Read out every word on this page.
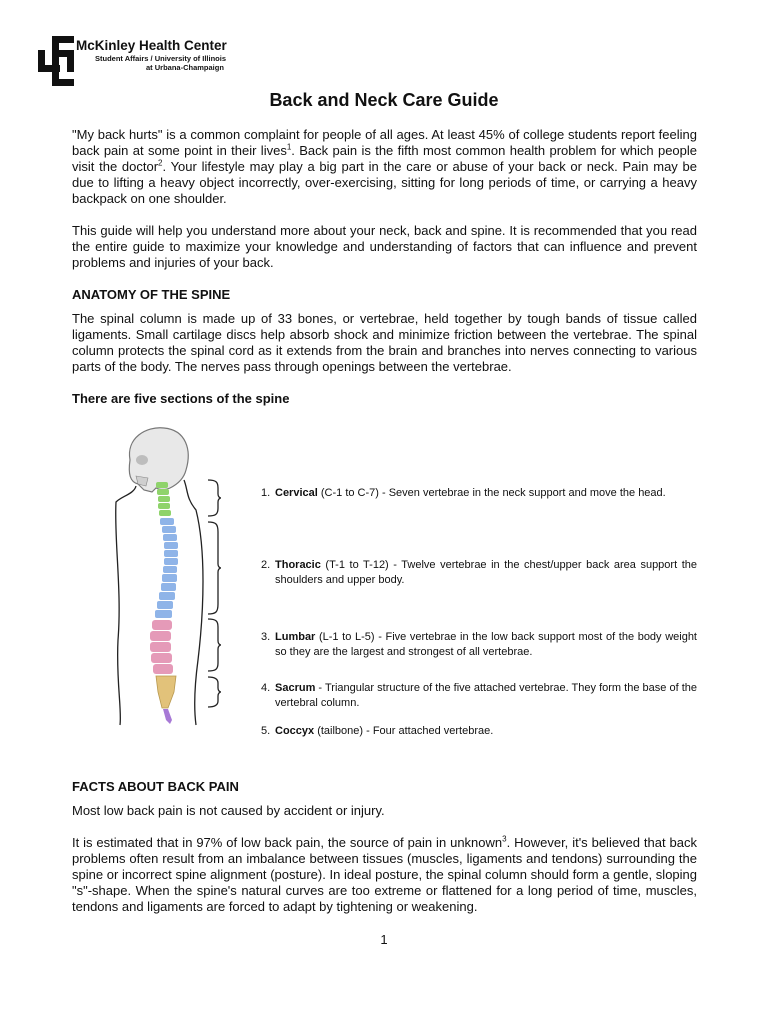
McKinley Health Center
Student Affairs / University of Illinois
at Urbana-Champaign
Back and Neck Care Guide

"My back hurts" is a common complaint for people of all ages. At least 45% of college students report feeling back pain at some point in their lives$^1$. Back pain is the fifth most common health problem for which people visit the doctor$^2$. Your lifestyle may play a big part in the care or abuse of your back or neck. Pain may be due to lifting a heavy object incorrectly, over-exercising, sitting for long periods of time, or carrying a heavy backpack on one shoulder.

This guide will help you understand more about your neck, back and spine. It is recommended that you read the entire guide to maximize your knowledge and understanding of factors that can influence and prevent problems and injuries of your back.

ANATOMY OF THE SPINE

The spinal column is made up of 33 bones, or vertebrae, held together by tough bands of tissue called ligaments. Small cartilage discs help absorb shock and minimize friction between the vertebrae. The spinal column protects the spinal cord as it extends from the brain and branches into nerves connecting to various parts of the body. The nerves pass through openings between the vertebrae.

There are five sections of the spine

1. Cervical (C-1 to C-7) - Seven vertebrae in the neck support and move the head.
2. Thoracic (T-1 to T-12) - Twelve vertebrae in the chest/upper back area support the shoulders and upper body.
3. Lumbar (L-1 to L-5) - Five vertebrae in the low back support most of the body weight so they are the largest and strongest of all vertebrae.
4. Sacrum - Triangular structure of the five attached vertebrae. They form the base of the vertebral column.
5. Coccyx (tailbone) - Four attached vertebrae.

FACTS ABOUT BACK PAIN

Most low back pain is not caused by accident or injury.

It is estimated that in 97% of low back pain, the source of pain in unknown$^3$. However, it's believed that back problems often result from an imbalance between tissues (muscles, ligaments and tendons) surrounding the spine or incorrect spine alignment (posture). In ideal posture, the spinal column should form a gentle, sloping "s"-shape. When the spine's natural curves are too extreme or flattened for a long period of time, muscles, tendons and ligaments are forced to adapt by tightening or weakening.

1
